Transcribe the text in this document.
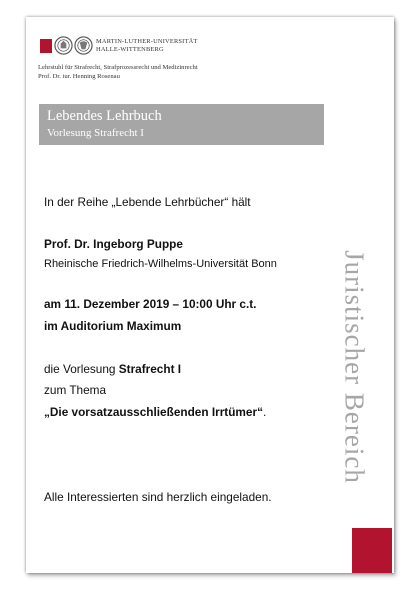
MARTIN-LUTHER-UNIVERSITÄT
HALLE-WITTENBERG
Lehrstuhl für Strafrecht, Strafprozessrecht und Medizinrecht
Prof. Dr. iur. Henning Rosenau
Lebendes Lehrbuch
Vorlesung Strafrecht I
Juristischer Bereich
In der Reihe „Lebende Lehrbücher“ hält
Prof. Dr. Ingeborg Puppe
Rheinische Friedrich-Wilhelms-Universität Bonn
am 11. Dezember 2019 – 10:00 Uhr c.t.
im Auditorium Maximum
die Vorlesung Strafrecht I
zum Thema
„Die vorsatzausschließenden Irrtümer“.
Alle Interessierten sind herzlich eingeladen.
